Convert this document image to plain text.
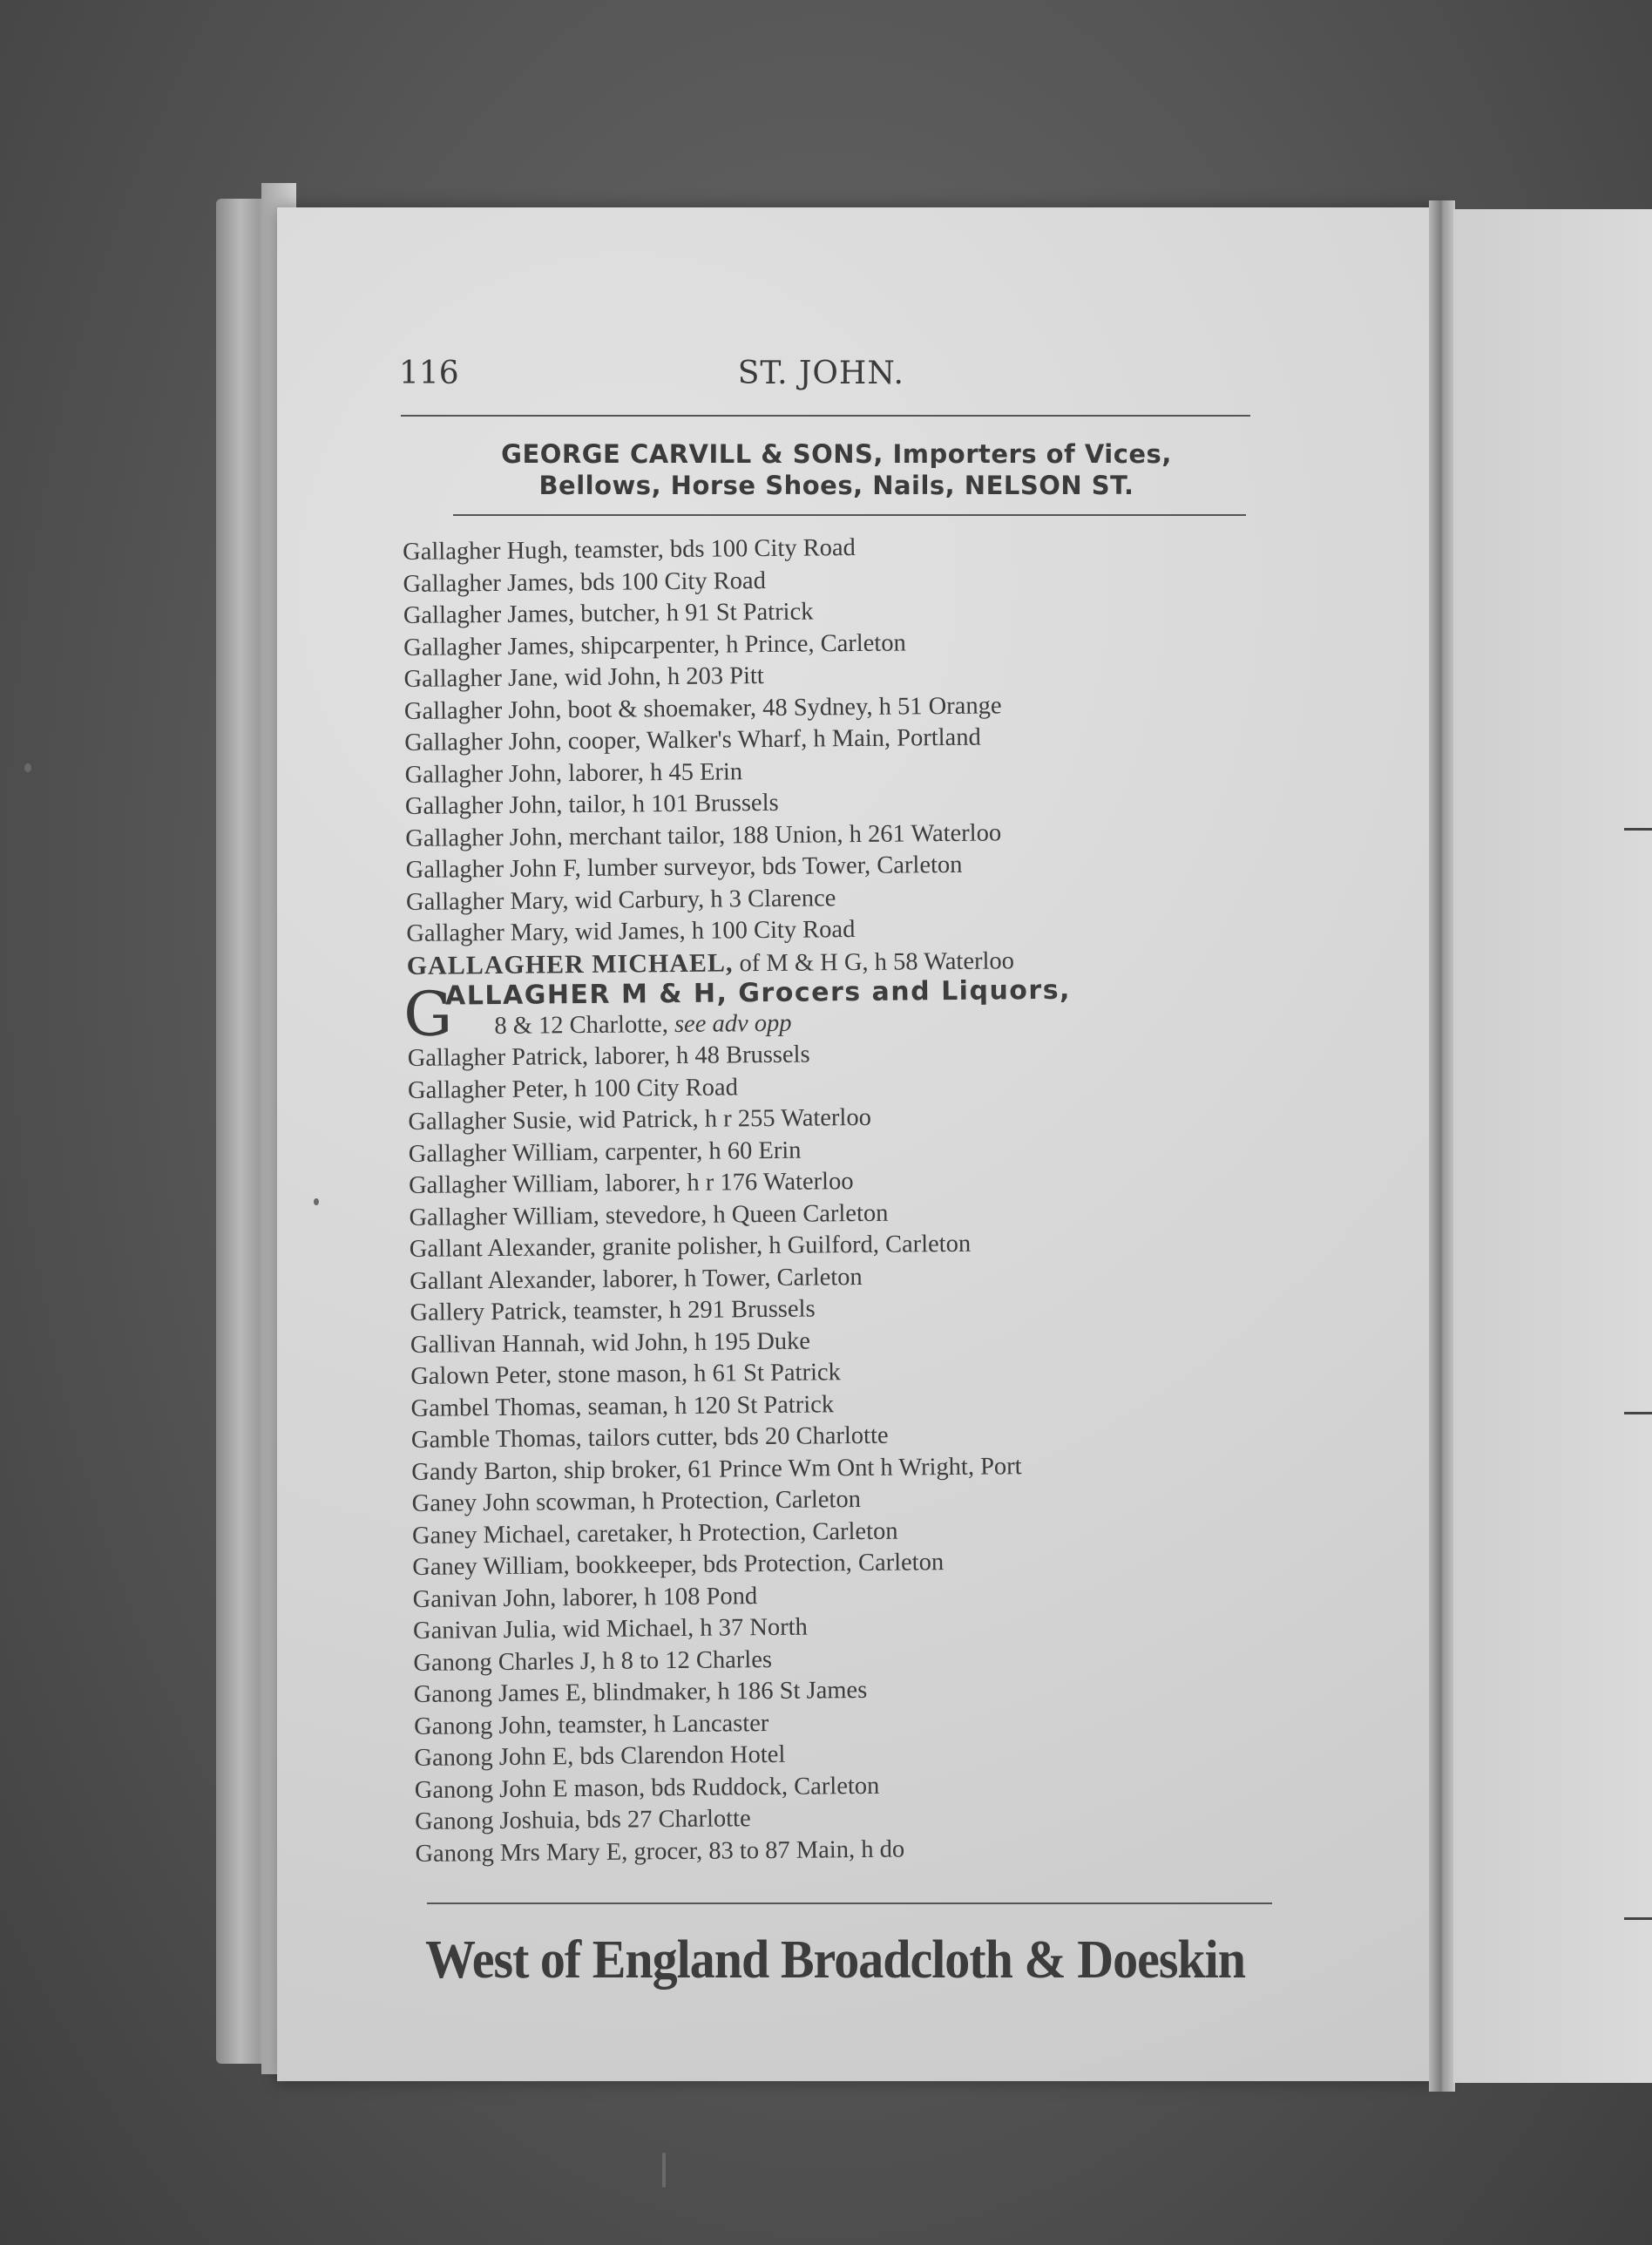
116	ST. JOHN.
GEORGE CARVILL & SONS, Importers of Vices,
Bellows, Horse Shoes, Nails, NELSON ST.
Gallagher Hugh, teamster, bds 100 City Road
Gallagher James, bds 100 City Road
Gallagher James, butcher, h 91 St Patrick
Gallagher James, shipcarpenter, h Prince, Carleton
Gallagher Jane, wid John, h 203 Pitt
Gallagher John, boot & shoemaker, 48 Sydney, h 51 Orange
Gallagher John, cooper, Walker's Wharf, h Main, Portland
Gallagher John, laborer, h 45 Erin
Gallagher John, tailor, h 101 Brussels
Gallagher John, merchant tailor, 188 Union, h 261 Waterloo
Gallagher John F, lumber surveyor, bds Tower, Carleton
Gallagher Mary, wid Carbury, h 3 Clarence
Gallagher Mary, wid James, h 100 City Road
GALLAGHER MICHAEL, of M & H G, h 58 Waterloo
G
ALLAGHER M & H, Grocers and Liquors,
8 & 12 Charlotte, see adv opp
Gallagher Patrick, laborer, h 48 Brussels
Gallagher Peter, h 100 City Road
Gallagher Susie, wid Patrick, h r 255 Waterloo
Gallagher William, carpenter, h 60 Erin
Gallagher William, laborer, h r 176 Waterloo
Gallagher William, stevedore, h Queen Carleton
Gallant Alexander, granite polisher, h Guilford, Carleton
Gallant Alexander, laborer, h Tower, Carleton
Gallery Patrick, teamster, h 291 Brussels
Gallivan Hannah, wid John, h 195 Duke
Galown Peter, stone mason, h 61 St Patrick
Gambel Thomas, seaman, h 120 St Patrick
Gamble Thomas, tailors cutter, bds 20 Charlotte
Gandy Barton, ship broker, 61 Prince Wm Ont h Wright, Port
Ganey John scowman, h Protection, Carleton
Ganey Michael, caretaker, h Protection, Carleton
Ganey William, bookkeeper, bds Protection, Carleton
Ganivan John, laborer, h 108 Pond
Ganivan Julia, wid Michael, h 37 North
Ganong Charles J, h 8 to 12 Charles
Ganong James E, blindmaker, h 186 St James
Ganong John, teamster, h Lancaster
Ganong John E, bds Clarendon Hotel
Ganong John E mason, bds Ruddock, Carleton
Ganong Joshuia, bds 27 Charlotte
Ganong Mrs Mary E, grocer, 83 to 87 Main, h do
West of England Broadcloth & Doeskin
